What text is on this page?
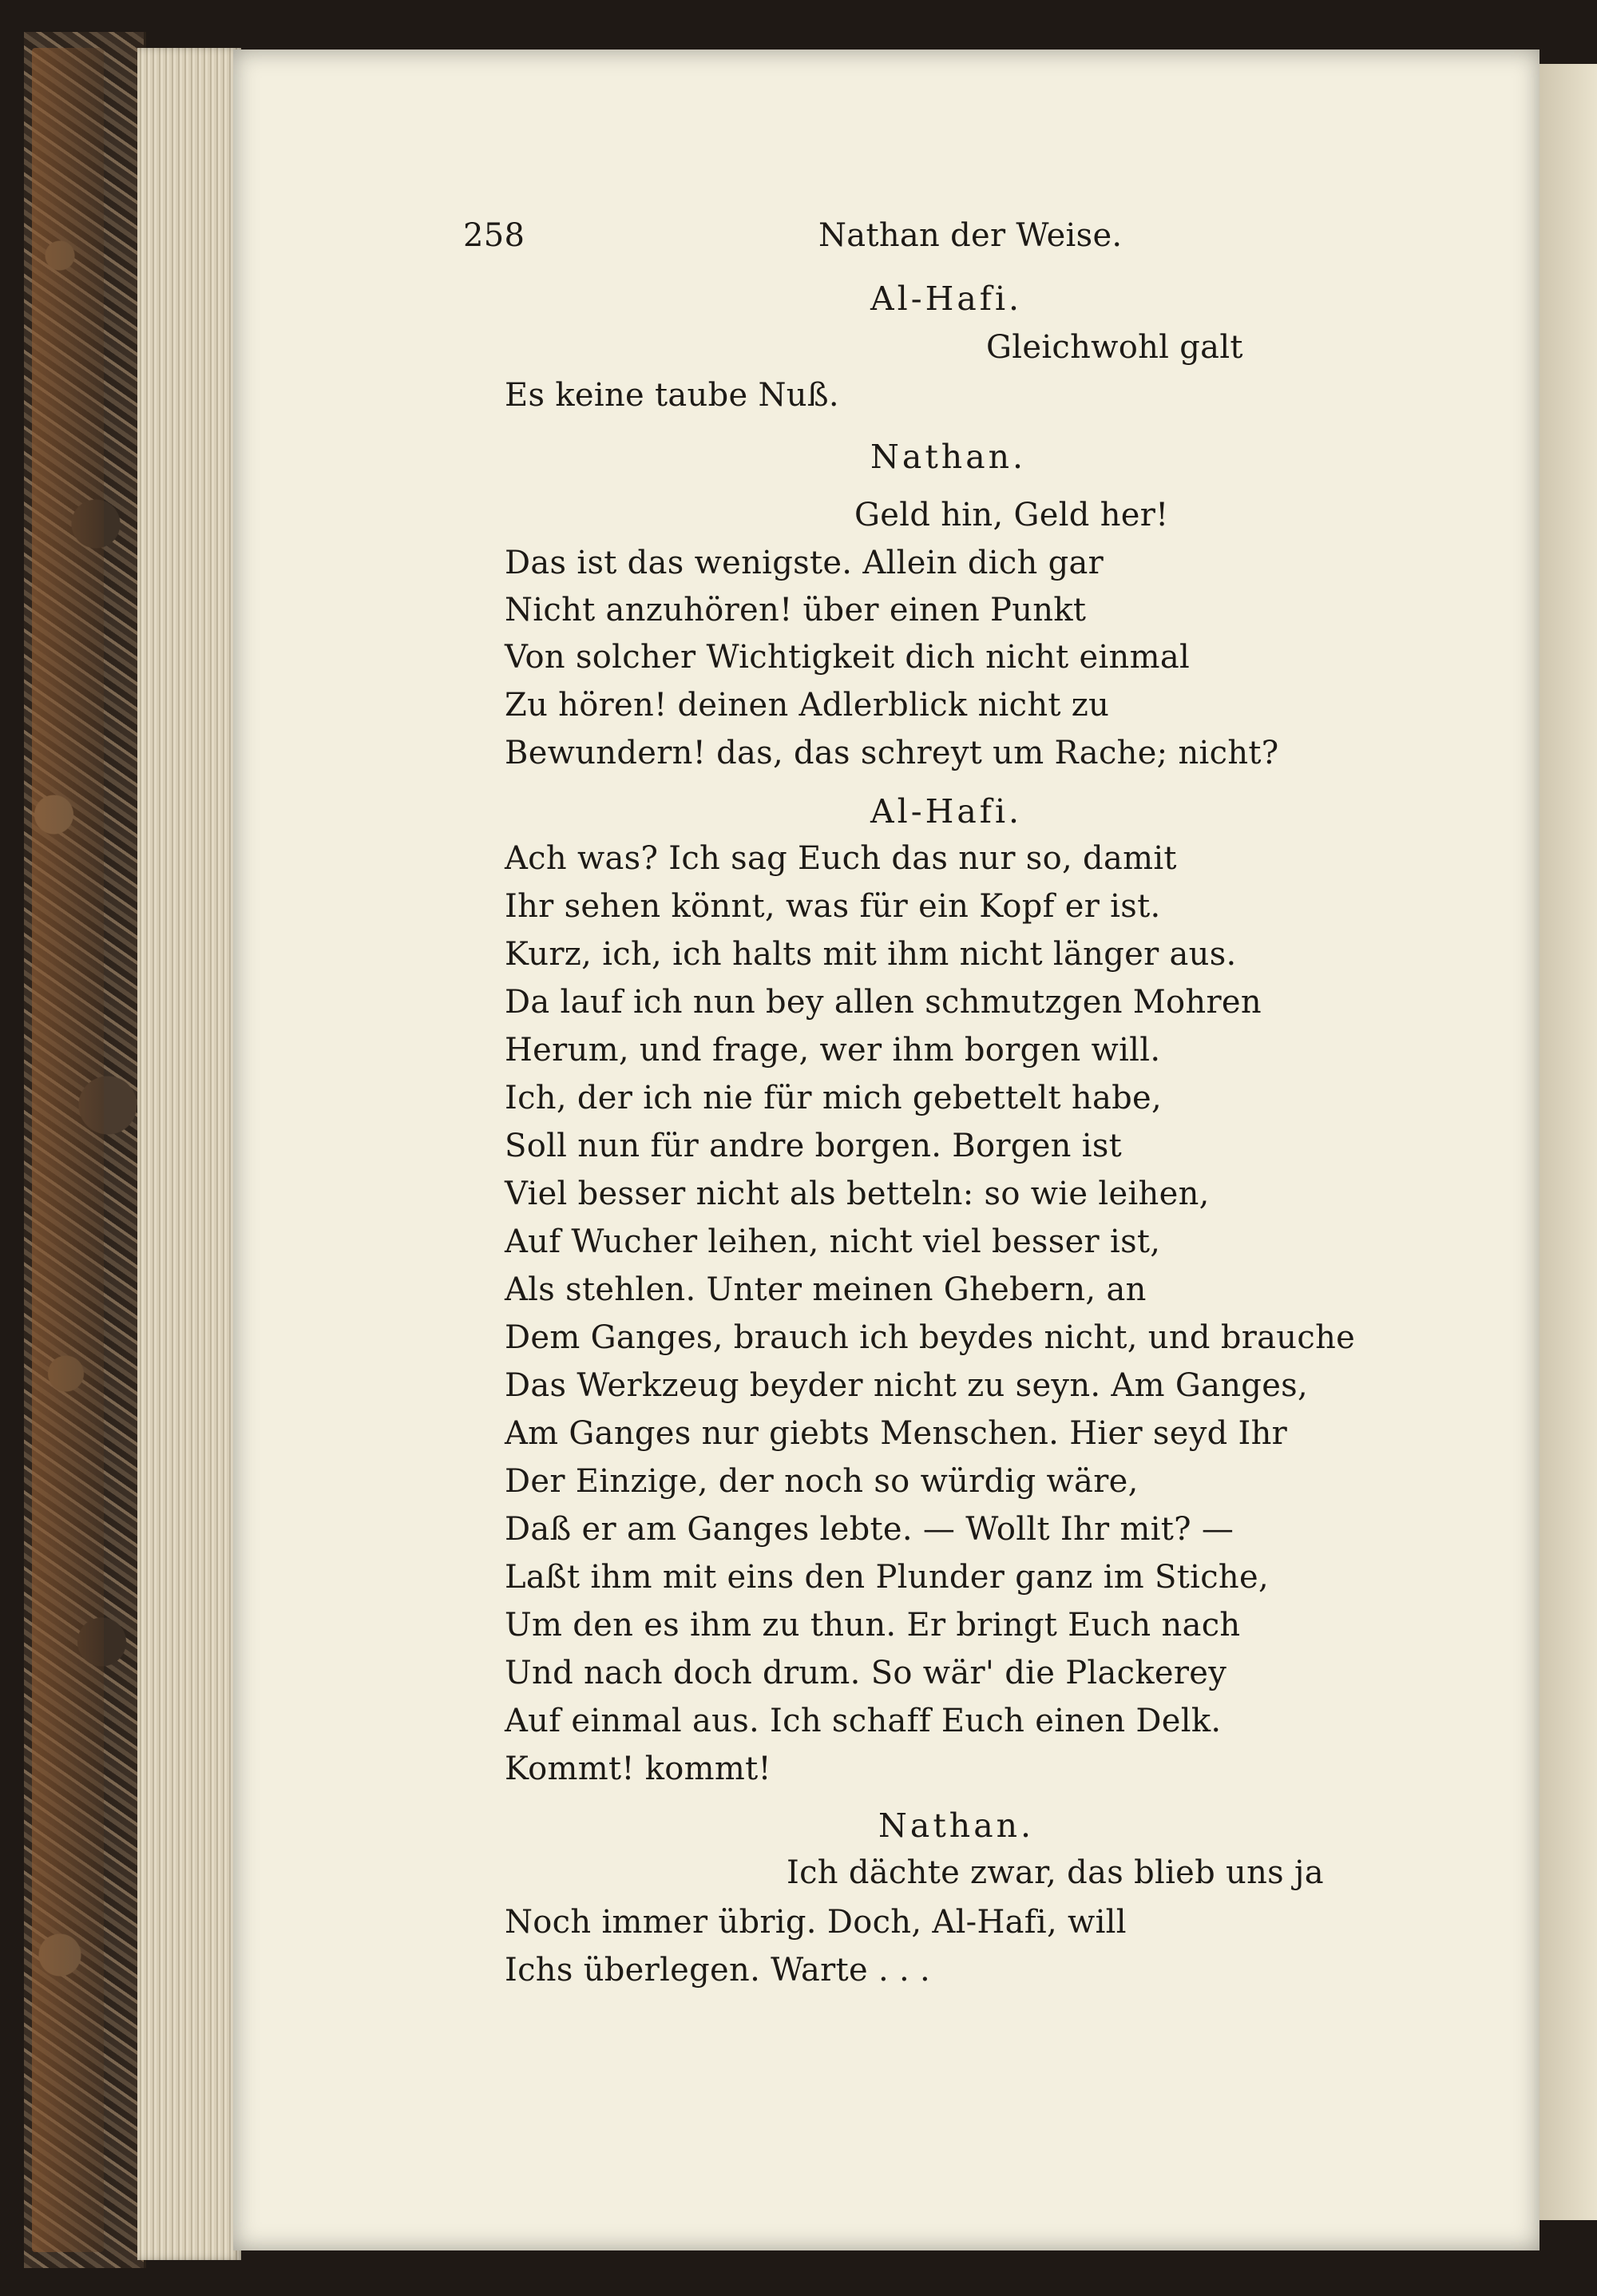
258	Nathan der Weise.
Al-Hafi.
Gleichwohl galt
Es keine taube Nuß.
Nathan.
Geld hin, Geld her!
Das ist das wenigste. Allein dich gar
Nicht anzuhören! über einen Punkt
Von solcher Wichtigkeit dich nicht einmal
Zu hören! deinen Adlerblick nicht zu
Bewundern! das, das schreyt um Rache; nicht?
Al-Hafi.
Ach was? Ich sag Euch das nur so, damit
Ihr sehen könnt, was für ein Kopf er ist.
Kurz, ich, ich halts mit ihm nicht länger aus.
Da lauf ich nun bey allen schmutzgen Mohren
Herum, und frage, wer ihm borgen will.
Ich, der ich nie für mich gebettelt habe,
Soll nun für andre borgen. Borgen ist
Viel besser nicht als betteln: so wie leihen,
Auf Wucher leihen, nicht viel besser ist,
Als stehlen. Unter meinen Ghebern, an
Dem Ganges, brauch ich beydes nicht, und brauche
Das Werkzeug beyder nicht zu seyn. Am Ganges,
Am Ganges nur giebts Menschen. Hier seyd Ihr
Der Einzige, der noch so würdig wäre,
Daß er am Ganges lebte. — Wollt Ihr mit? —
Laßt ihm mit eins den Plunder ganz im Stiche,
Um den es ihm zu thun. Er bringt Euch nach
Und nach doch drum. So wär' die Plackerey
Auf einmal aus. Ich schaff Euch einen Delk.
Kommt! kommt!
Nathan.
Ich dächte zwar, das blieb uns ja
Noch immer übrig. Doch, Al-Hafi, will
Ichs überlegen. Warte . . .
